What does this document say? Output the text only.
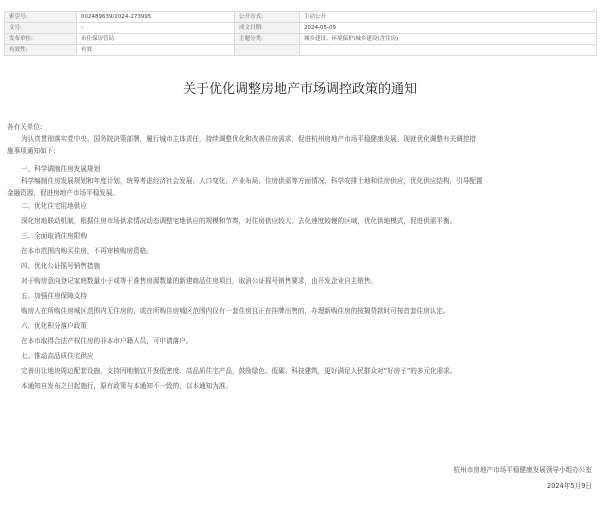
索引号:	002489639/2024-273995	公开方式:	主动公开
文号:	-	成文日期:	2024-05-09
发布单位:	市住保房管局	主题分类:	城乡建设、环境保护\城乡建设(含住房)
有效性:	有效		
关于优化调整房地产市场调控政策的通知

各有关单位:

为认真贯彻落实党中央、国务院决策部署，履行城市主体责任，持续调整优化和改善住房需求，促进杭州房地产市场平稳健康发展，现就优化调整有关调控措

施事项通知如下:

一、科学调制住房发展规划

科学编制住房发展规划和年度计划，统筹考虑经济社会发展、人口变化、产业布局、住房供需等方面情况，科学安排土地和住房供应，优化供应结构，引导配置

金融资源，促进房地产市场平稳发展。

二、优化住宅用地供应

深化房地联动机制，根据住房市场供求情况动态调整宅地供应的规模和节奏，对住房供应较大、去化速度较慢的区域，优化供地模式，促进供需平衡。

三、全面取消住房限购

在本市范围内购买住房，不再审核购房资格。

四、优化公证摇号销售措施

对于购房意向登记家庭数量小于或等于准售房源数量的新建商品住房项目，取消公证摇号销售要求，由开发企业自主销售。

五、加强住房保障支持

购房人在所购住房城区范围内无住房的，或在所购住房城区范围内仅有一套住房且正在挂牌出售的，办理新购住房的按揭贷款时可按首套住房认定。

六、优化积分落户政策

在本市取得合法产权住房的非本市户籍人员，可申请落户。

七、推动高品质住宅供应

完善出让地块周边配套设施，支持因地制宜开发低密度、高品质住宅产品，鼓励绿色、低碳、科技建筑，更好满足人民群众对“好房子”的多元化需求。

本通知自发布之日起施行，原有政策与本通知不一致的，以本通知为准。

杭州市房地产市场平稳健康发展领导小组办公室
2024年5月9日
